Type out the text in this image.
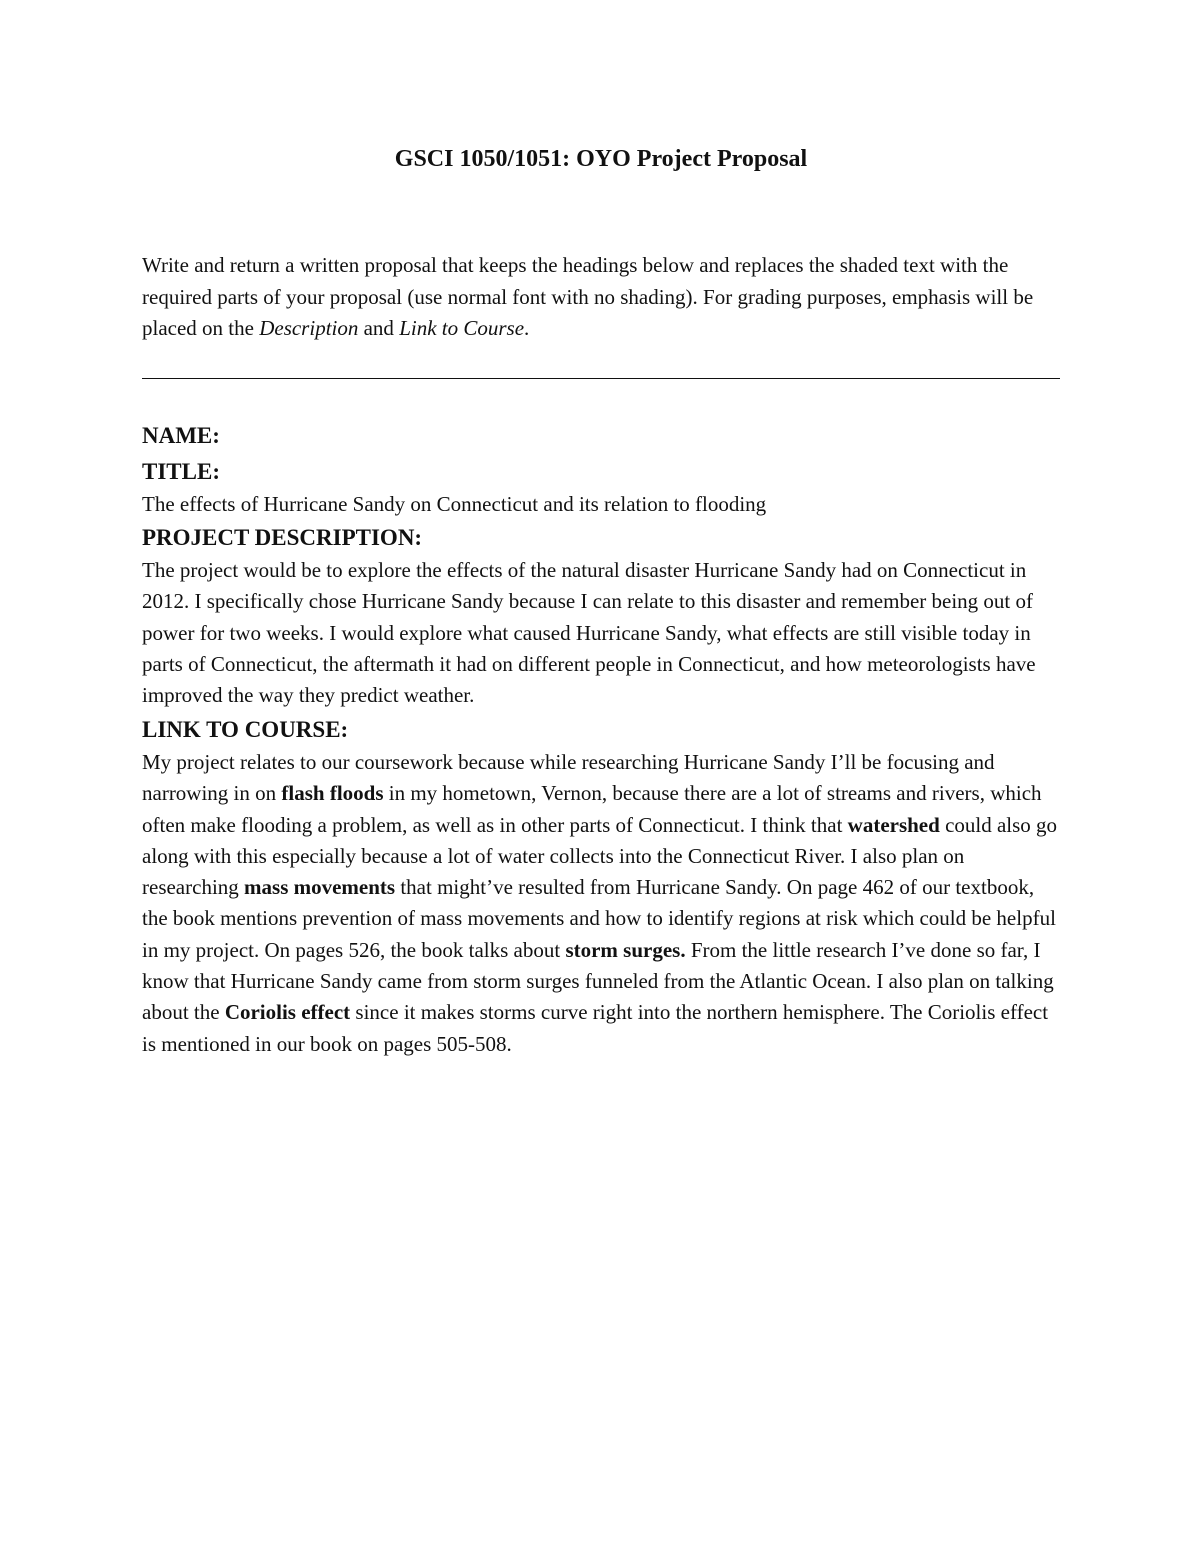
GSCI 1050/1051: OYO Project Proposal

Write and return a written proposal that keeps the headings below and replaces the shaded text with the required parts of your proposal (use normal font with no shading). For grading purposes, emphasis will be placed on the Description and Link to Course.

NAME:

TITLE:

The effects of Hurricane Sandy on Connecticut and its relation to flooding

PROJECT DESCRIPTION:

The project would be to explore the effects of the natural disaster Hurricane Sandy had on Connecticut in 2012. I specifically chose Hurricane Sandy because I can relate to this disaster and remember being out of power for two weeks. I would explore what caused Hurricane Sandy, what effects are still visible today in parts of Connecticut, the aftermath it had on different people in Connecticut, and how meteorologists have improved the way they predict weather.

LINK TO COURSE:

My project relates to our coursework because while researching Hurricane Sandy I’ll be focusing and narrowing in on flash floods in my hometown, Vernon, because there are a lot of streams and rivers, which often make flooding a problem, as well as in other parts of Connecticut. I think that watershed could also go along with this especially because a lot of water collects into the Connecticut River. I also plan on researching mass movements that might’ve resulted from Hurricane Sandy. On page 462 of our textbook, the book mentions prevention of mass movements and how to identify regions at risk which could be helpful in my project. On pages 526, the book talks about storm surges. From the little research I’ve done so far, I know that Hurricane Sandy came from storm surges funneled from the Atlantic Ocean. I also plan on talking about the Coriolis effect since it makes storms curve right into the northern hemisphere. The Coriolis effect is mentioned in our book on pages 505-508.
